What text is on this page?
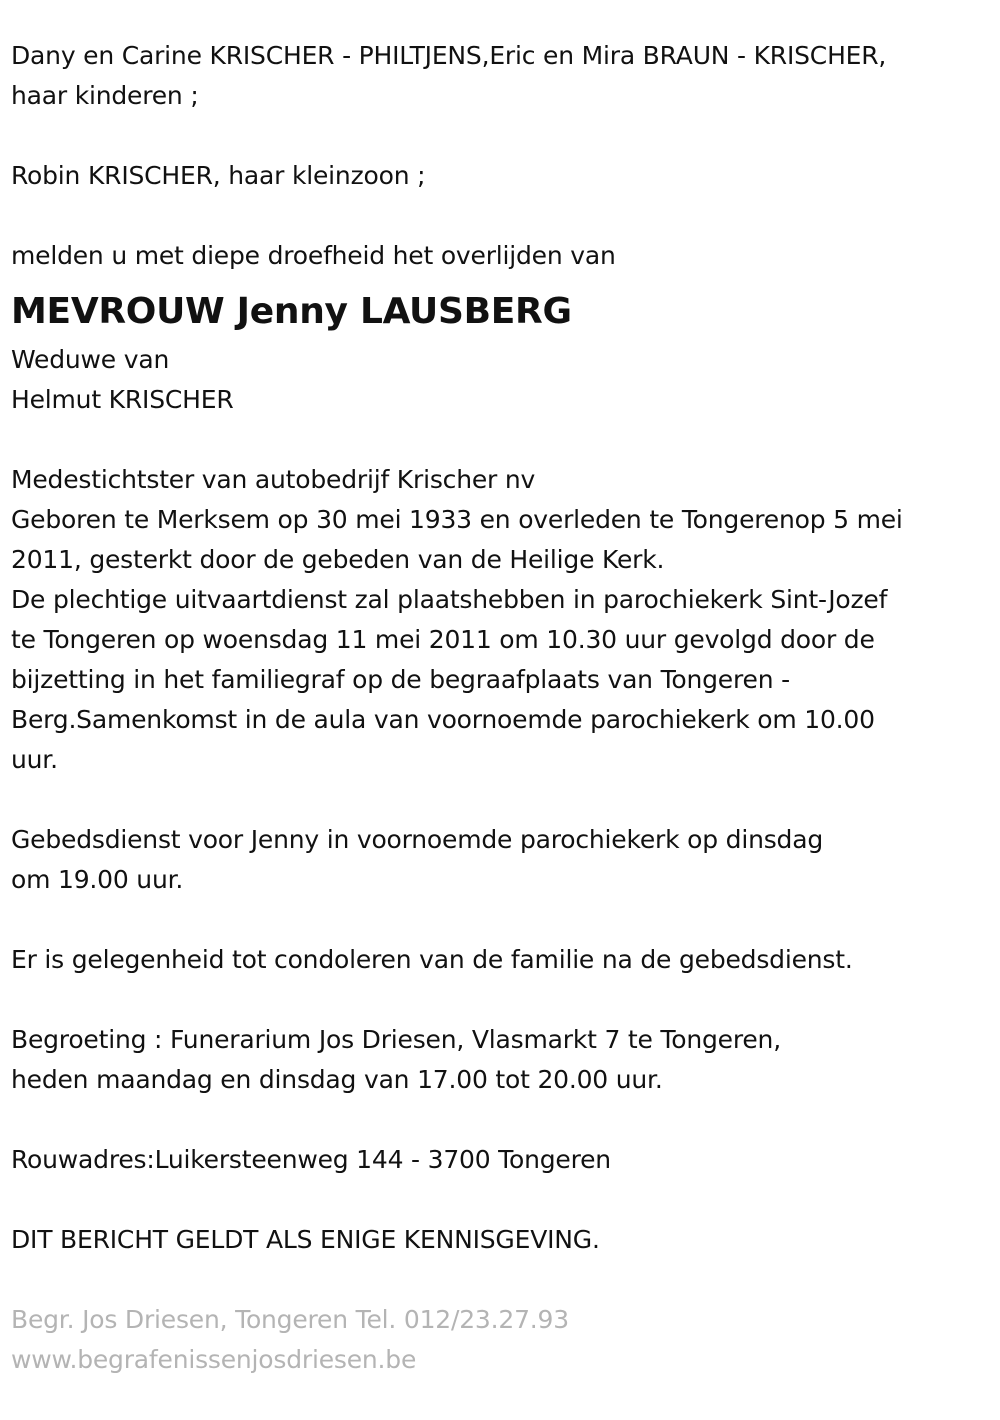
Dany en Carine KRISCHER - PHILTJENS,Eric en Mira BRAUN - KRISCHER,
haar kinderen ;
Robin KRISCHER, haar kleinzoon ;
melden u met diepe droefheid het overlijden van
MEVROUW Jenny LAUSBERG
Weduwe van
Helmut KRISCHER
Medestichtster van autobedrijf Krischer nv
Geboren te Merksem op 30 mei 1933 en overleden te Tongerenop 5 mei
2011, gesterkt door de gebeden van de Heilige Kerk.
De plechtige uitvaartdienst zal plaatshebben in parochiekerk Sint-Jozef
te Tongeren op woensdag 11 mei 2011 om 10.30 uur gevolgd door de
bijzetting in het familiegraf op de begraafplaats van Tongeren -
Berg.Samenkomst in de aula van voornoemde parochiekerk om 10.00
uur.
Gebedsdienst voor Jenny in voornoemde parochiekerk op dinsdag
om 19.00 uur.
Er is gelegenheid tot condoleren van de familie na de gebedsdienst.
Begroeting : Funerarium Jos Driesen, Vlasmarkt 7 te Tongeren,
heden maandag en dinsdag van 17.00 tot 20.00 uur.
Rouwadres:Luikersteenweg 144 - 3700 Tongeren
DIT BERICHT GELDT ALS ENIGE KENNISGEVING.
Begr. Jos Driesen, Tongeren Tel. 012/23.27.93
www.begrafenissenjosdriesen.be
